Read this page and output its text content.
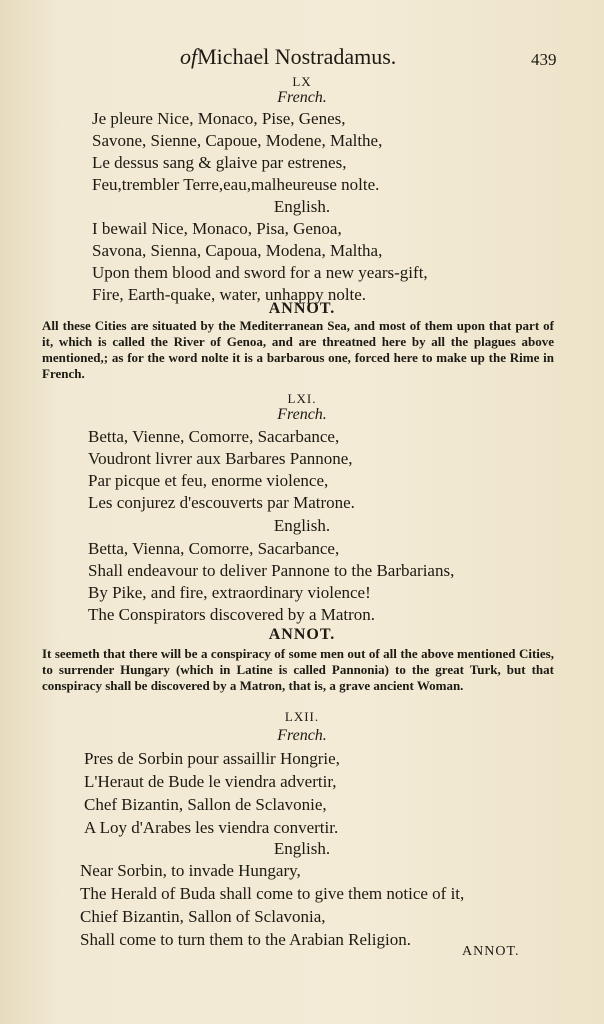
ofMichael Nostradamus.	439
LX
French.
Je pleure Nice, Monaco, Pise, Genes,
Savone, Sienne, Capoue, Modene, Malthe,
Le dessus sang & glaive par estrenes,
Feu,trembler Terre,eau,malheureuse nolte.
English.
I bewail Nice, Monaco, Pisa, Genoa,
Savona, Sienna, Capoua, Modena, Maltha,
Upon them blood and sword for a new years-gift,
Fire, Earth-quake, water, unhappy nolte.
ANNOT.
All these Cities are situated by the Mediterranean Sea, and most of them upon that part of it, which is called the River of Genoa, and are threatned here by all the plagues above mentioned,; as for the word nolte it is a barbarous one, forced here to make up the Rime in French.
LXI.
French.
Betta, Vienne, Comorre, Sacarbance,
Voudront livrer aux Barbares Pannone,
Par picque et feu, enorme violence,
Les conjurez d'escouverts par Matrone.
English.
Betta, Vienna, Comorre, Sacarbance,
Shall endeavour to deliver Pannone to the Barbarians,
By Pike, and fire, extraordinary violence!
The Conspirators discovered by a Matron.
ANNOT.
It seemeth that there will be a conspiracy of some men out of all the above mentioned Cities, to surrender Hungary (which in Latine is called Pannonia) to the great Turk, but that conspiracy shall be discovered by a Matron, that is, a grave ancient Woman.
LXII.
French.
Pres de Sorbin pour assaillir Hongrie,
L'Heraut de Bude le viendra advertir,
Chef Bizantin, Sallon de Sclavonie,
A Loy d'Arabes les viendra convertir.
English.
Near Sorbin, to invade Hungary,
The Herald of Buda shall come to give them notice of it,
Chief Bizantin, Sallon of Sclavonia,
Shall come to turn them to the Arabian Religion.
ANNOT.
